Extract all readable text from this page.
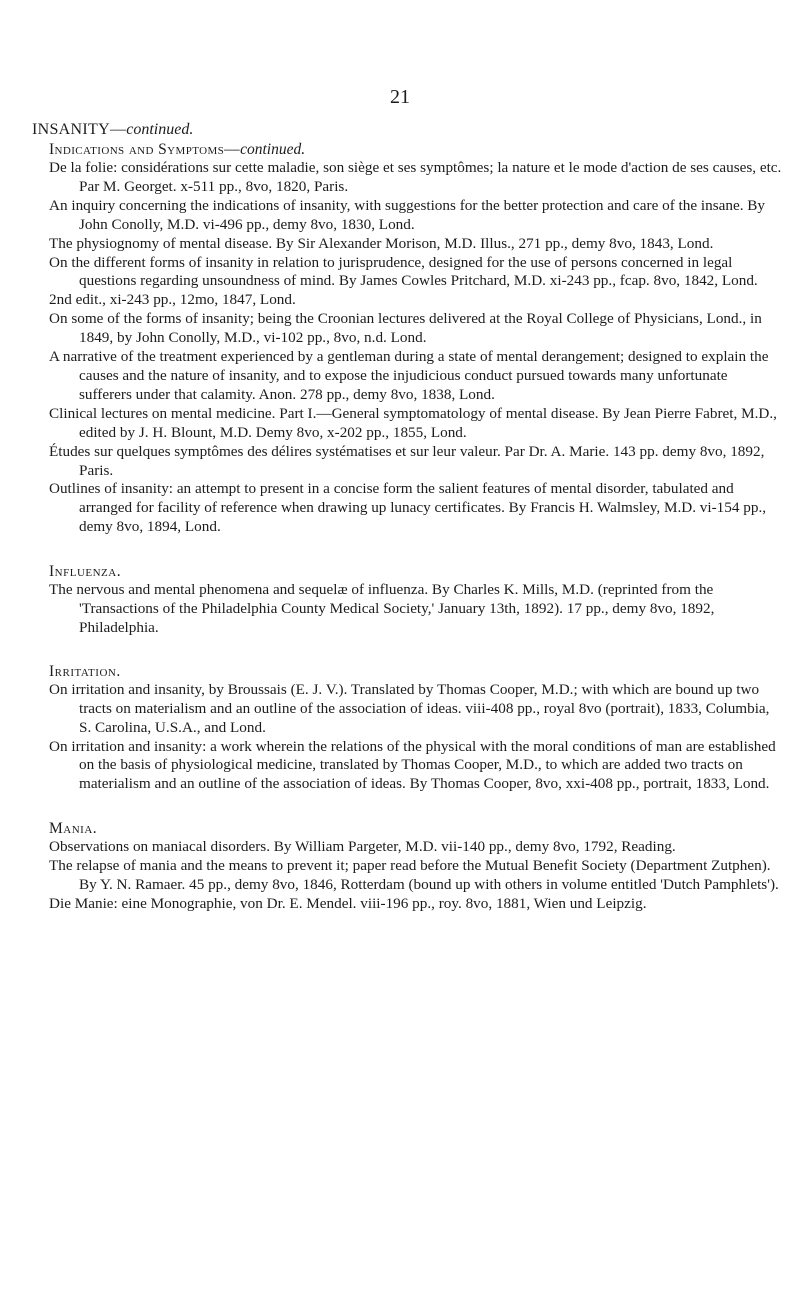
21
INSANITY—continued.
Indications and Symptoms—continued.

De la folie: considérations sur cette maladie, son siège et ses symptômes; la nature et le mode d'action de ses causes, etc. Par M. Georget. x-511 pp., 8vo, 1820, Paris.

An inquiry concerning the indications of insanity, with suggestions for the better protection and care of the insane. By John Conolly, M.D. vi-496 pp., demy 8vo, 1830, Lond.

The physiognomy of mental disease. By Sir Alexander Morison, M.D. Illus., 271 pp., demy 8vo, 1843, Lond.

On the different forms of insanity in relation to jurisprudence, designed for the use of persons concerned in legal questions regarding unsoundness of mind. By James Cowles Pritchard, M.D. xi-243 pp., fcap. 8vo, 1842, Lond.

2nd edit., xi-243 pp., 12mo, 1847, Lond.

On some of the forms of insanity; being the Croonian lectures delivered at the Royal College of Physicians, Lond., in 1849, by John Conolly, M.D., vi-102 pp., 8vo, n.d. Lond.

A narrative of the treatment experienced by a gentleman during a state of mental derangement; designed to explain the causes and the nature of insanity, and to expose the injudicious conduct pursued towards many unfortunate sufferers under that calamity. Anon. 278 pp., demy 8vo, 1838, Lond.

Clinical lectures on mental medicine. Part I.—General symptomatology of mental disease. By Jean Pierre Fabret, M.D., edited by J. H. Blount, M.D. Demy 8vo, x-202 pp., 1855, Lond.

Études sur quelques symptômes des délires systématises et sur leur valeur. Par Dr. A. Marie. 143 pp. demy 8vo, 1892, Paris.

Outlines of insanity: an attempt to present in a concise form the salient features of mental disorder, tabulated and arranged for facility of reference when drawing up lunacy certificates. By Francis H. Walmsley, M.D. vi-154 pp., demy 8vo, 1894, Lond.

Influenza.

The nervous and mental phenomena and sequelæ of influenza. By Charles K. Mills, M.D. (reprinted from the 'Transactions of the Philadelphia County Medical Society,' January 13th, 1892). 17 pp., demy 8vo, 1892, Philadelphia.

Irritation.

On irritation and insanity, by Broussais (E. J. V.). Translated by Thomas Cooper, M.D.; with which are bound up two tracts on materialism and an outline of the association of ideas. viii-408 pp., royal 8vo (portrait), 1833, Columbia, S. Carolina, U.S.A., and Lond.

On irritation and insanity: a work wherein the relations of the physical with the moral conditions of man are established on the basis of physiological medicine, translated by Thomas Cooper, M.D., to which are added two tracts on materialism and an outline of the association of ideas. By Thomas Cooper, 8vo, xxi-408 pp., portrait, 1833, Lond.

Mania.

Observations on maniacal disorders. By William Pargeter, M.D. vii-140 pp., demy 8vo, 1792, Reading.

The relapse of mania and the means to prevent it; paper read before the Mutual Benefit Society (Department Zutphen). By Y. N. Ramaer. 45 pp., demy 8vo, 1846, Rotterdam (bound up with others in volume entitled 'Dutch Pamphlets').

Die Manie: eine Monographie, von Dr. E. Mendel. viii-196 pp., roy. 8vo, 1881, Wien und Leipzig.
